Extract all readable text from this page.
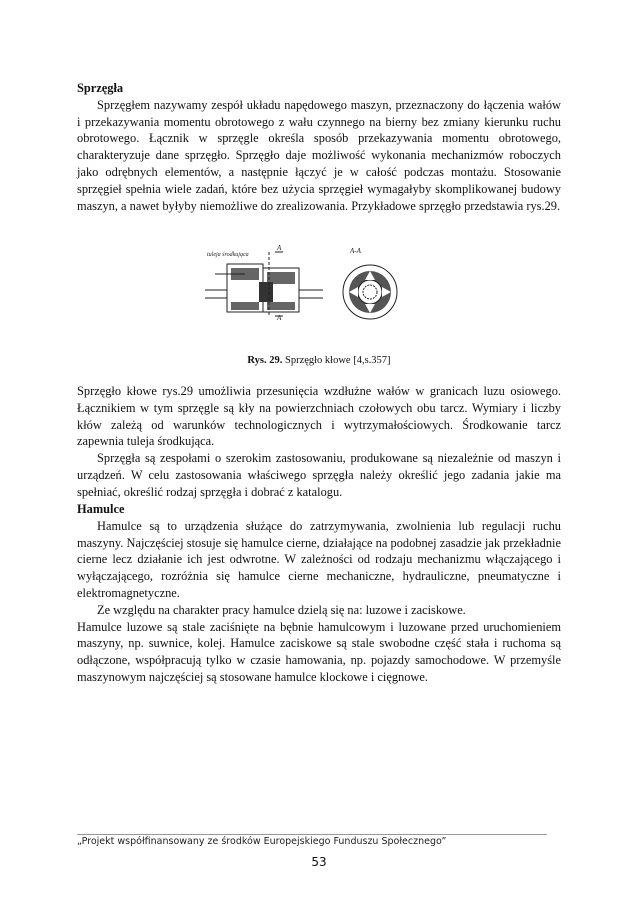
Sprzęgła

Sprzęgłem nazywamy zespół układu napędowego maszyn, przeznaczony do łączenia wałów i przekazywania momentu obrotowego z wału czynnego na bierny bez zmiany kierunku ruchu obrotowego. Łącznik w sprzęgle określa sposób przekazywania momentu obrotowego, charakteryzuje dane sprzęgło. Sprzęgło daje możliwość wykonania mechanizmów roboczych jako odrębnych elementów, a następnie łączyć je w całość podczas montażu. Stosowanie sprzęgieł spełnia wiele zadań, które bez użycia sprzęgieł wymagałyby skomplikowanej budowy maszyn, a nawet byłyby niemożliwe do zrealizowania. Przykładowe sprzęgło przedstawia rys.29.

tuleja środkująca
A
A
A-A
Rys. 29. Sprzęgło kłowe [4,s.357]

Sprzęgło kłowe rys.29 umożliwia przesunięcia wzdłużne wałów w granicach luzu osiowego. Łącznikiem w tym sprzęgle są kły na powierzchniach czołowych obu tarcz. Wymiary i liczby kłów zależą od warunków technologicznych i wytrzymałościowych. Środkowanie tarcz zapewnia tuleja środkująca.

Sprzęgła są zespołami o szerokim zastosowaniu, produkowane są niezależnie od maszyn i urządzeń. W celu zastosowania właściwego sprzęgła należy określić jego zadania jakie ma spełniać, określić rodzaj sprzęgła i dobrać z katalogu.

Hamulce

Hamulce są to urządzenia służące do zatrzymywania, zwolnienia lub regulacji ruchu maszyny. Najczęściej stosuje się hamulce cierne, działające na podobnej zasadzie jak przekładnie cierne lecz działanie ich jest odwrotne. W zależności od rodzaju mechanizmu włączającego i wyłączającego, rozróżnia się hamulce cierne mechaniczne, hydrauliczne, pneumatyczne i elektromagnetyczne.

Ze względu na charakter pracy hamulce dzielą się na: luzowe i zaciskowe.

Hamulce luzowe są stale zaciśnięte na bębnie hamulcowym i luzowane przed uruchomieniem maszyny, np. suwnice, kolej. Hamulce zaciskowe są stale swobodne część stała i ruchoma są odłączone, współpracują tylko w czasie hamowania, np. pojazdy samochodowe. W przemyśle maszynowym najczęściej są stosowane hamulce klockowe i cięgnowe.

„Projekt współfinansowany ze środków Europejskiego Funduszu Społecznego”
53
